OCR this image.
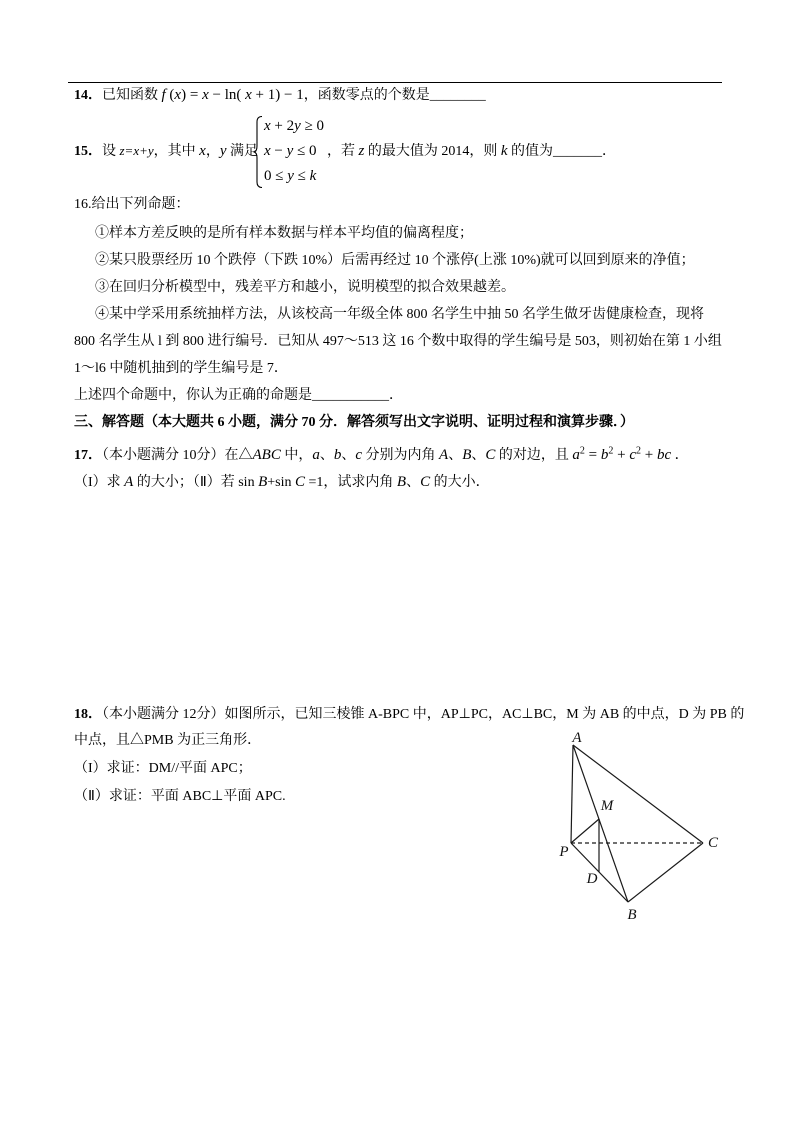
14．已知函数 f (x) = x − ln( x + 1) − 1，函数零点的个数是________
15．设 z=x+y，其中 x，y 满足
x + 2y ≥ 0
x − y ≤ 0
0 ≤ y ≤ k
，若 z 的最大值为 2014，则 k 的值为_______．
16.给出下列命题：
①样本方差反映的是所有样本数据与样本平均值的偏离程度；
②某只股票经历 10 个跌停（下跌 10%）后需再经过 10 个涨停(上涨 10%)就可以回到原来的净值；
③在回归分析模型中，残差平方和越小，说明模型的拟合效果越差。
④某中学采用系统抽样方法，从该校高一年级全体 800 名学生中抽 50 名学生做牙齿健康检查，现将
800 名学生从 l 到 800 进行编号．已知从 497～513 这 16 个数中取得的学生编号是 503，则初始在第 1 小组
1～l6 中随机抽到的学生编号是 7．
上述四个命题中，你认为正确的命题是___________．
三、解答题（本大题共 6 小题，满分 70 分．解答须写出文字说明、证明过程和演算步骤．）
17．（本小题满分 10分）在△ABC 中，a、b、c 分别为内角 A、B、C 的对边，且 $a^2 = b^2 + c^2$ + bc ．
（I）求 A 的大小；（Ⅱ）若 sin B+sin C =1，试求内角 B、C 的大小．
18．（本小题满分 12分）如图所示，已知三棱锥 A-BPC 中，AP⊥PC，AC⊥BC，M 为 AB 的中点，D 为 PB 的
中点，且△PMB 为正三角形．
（I）求证：DM//平面 APC；
（Ⅱ）求证：平面 ABC⊥平面 APC.
A
M
P
C
D
B
